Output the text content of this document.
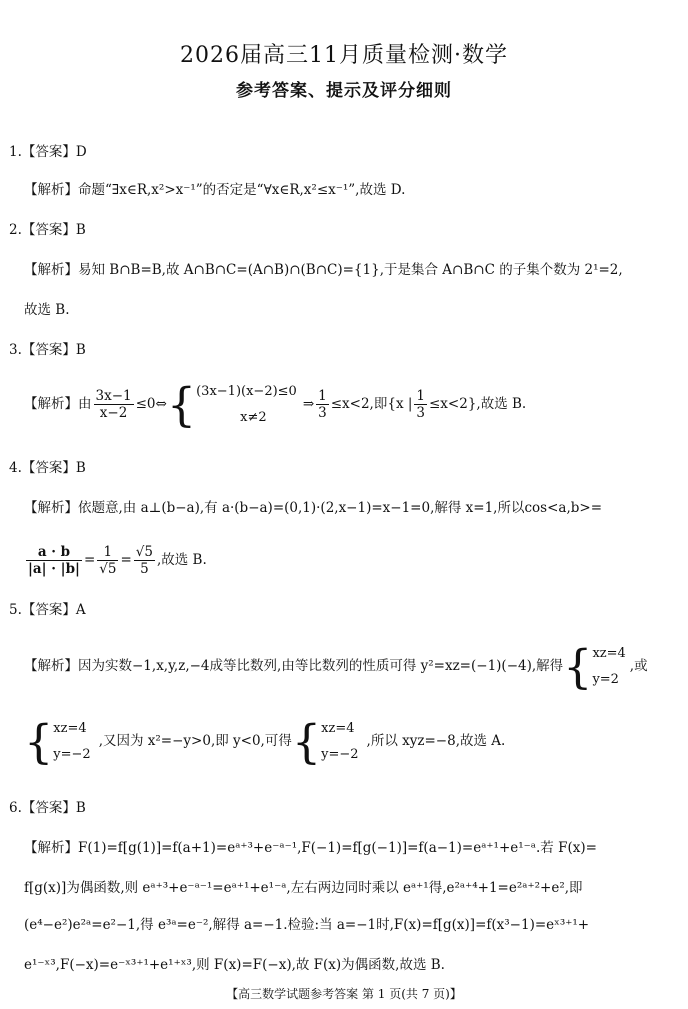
2026届高三11月质量检测·数学
参考答案、提示及评分细则
1.【答案】D
【解析】命题“∃x∈R,x²>x⁻¹”的否定是“∀x∈R,x²≤x⁻¹”,故选 D.
2.【答案】B
【解析】易知 B∩B=B,故 A∩B∩C=(A∩B)∩(B∩C)={1},于是集合 A∩B∩C 的子集个数为 2¹=2,
故选 B.
3.【答案】B
【解析】由 $\frac{3x-1}{x-2}$ ≤0⇔{ (3x−1)(x−2)≤0
x≠2
⇒ $\frac{1}{3} \le x<2$,即{x | $\frac{1}{3} \le x<2$},故选 B.
4.【答案】B
【解析】依题意,由 a⊥(b−a),有 a·(b−a)=(0,1)·(2,x−1)=x−1=0,解得 x=1,所以cos<a,b>=
$\frac{a \cdot b}{|a| \cdot |b|} = \frac{1}{√5} = \frac{√5}{5}$ ,故选 B.
5.【答案】A
【解析】因为实数−1,x,y,z,−4成等比数列,由等比数列的性质可得 y²=xz=(−1)(−4),解得{ xz=4
y=2
,或
{ xz=4
y=−2
,又因为 x²=−y>0,即 y<0,可得{ xz=4
y=−2
,所以 xyz=−8,故选 A.
6.【答案】B
【解析】F(1)=f[g(1)]=f(a+1)=eᵃ⁺³+e⁻ᵃ⁻¹,F(−1)=f[g(−1)]=f(a−1)=eᵃ⁺¹+e¹⁻ᵃ.若 F(x)=
f[g(x)]为偶函数,则 eᵃ⁺³+e⁻ᵃ⁻¹=eᵃ⁺¹+e¹⁻ᵃ,左右两边同时乘以 eᵃ⁺¹得,e²ᵃ⁺⁴+1=e²ᵃ⁺²+e²,即
(e⁴−e²)e²ᵃ=e²−1,得 e³ᵃ=e⁻²,解得 a=−1.检验:当 a=−1时,F(x)=f[g(x)]=f(x³−1)=eˣ³⁺¹+
e¹⁻ˣ³,F(−x)=e⁻ˣ³⁺¹+e¹⁺ˣ³,则 F(x)=F(−x),故 F(x)为偶函数,故选 B.
【高三数学试题参考答案 第 1 页(共 7 页)】
